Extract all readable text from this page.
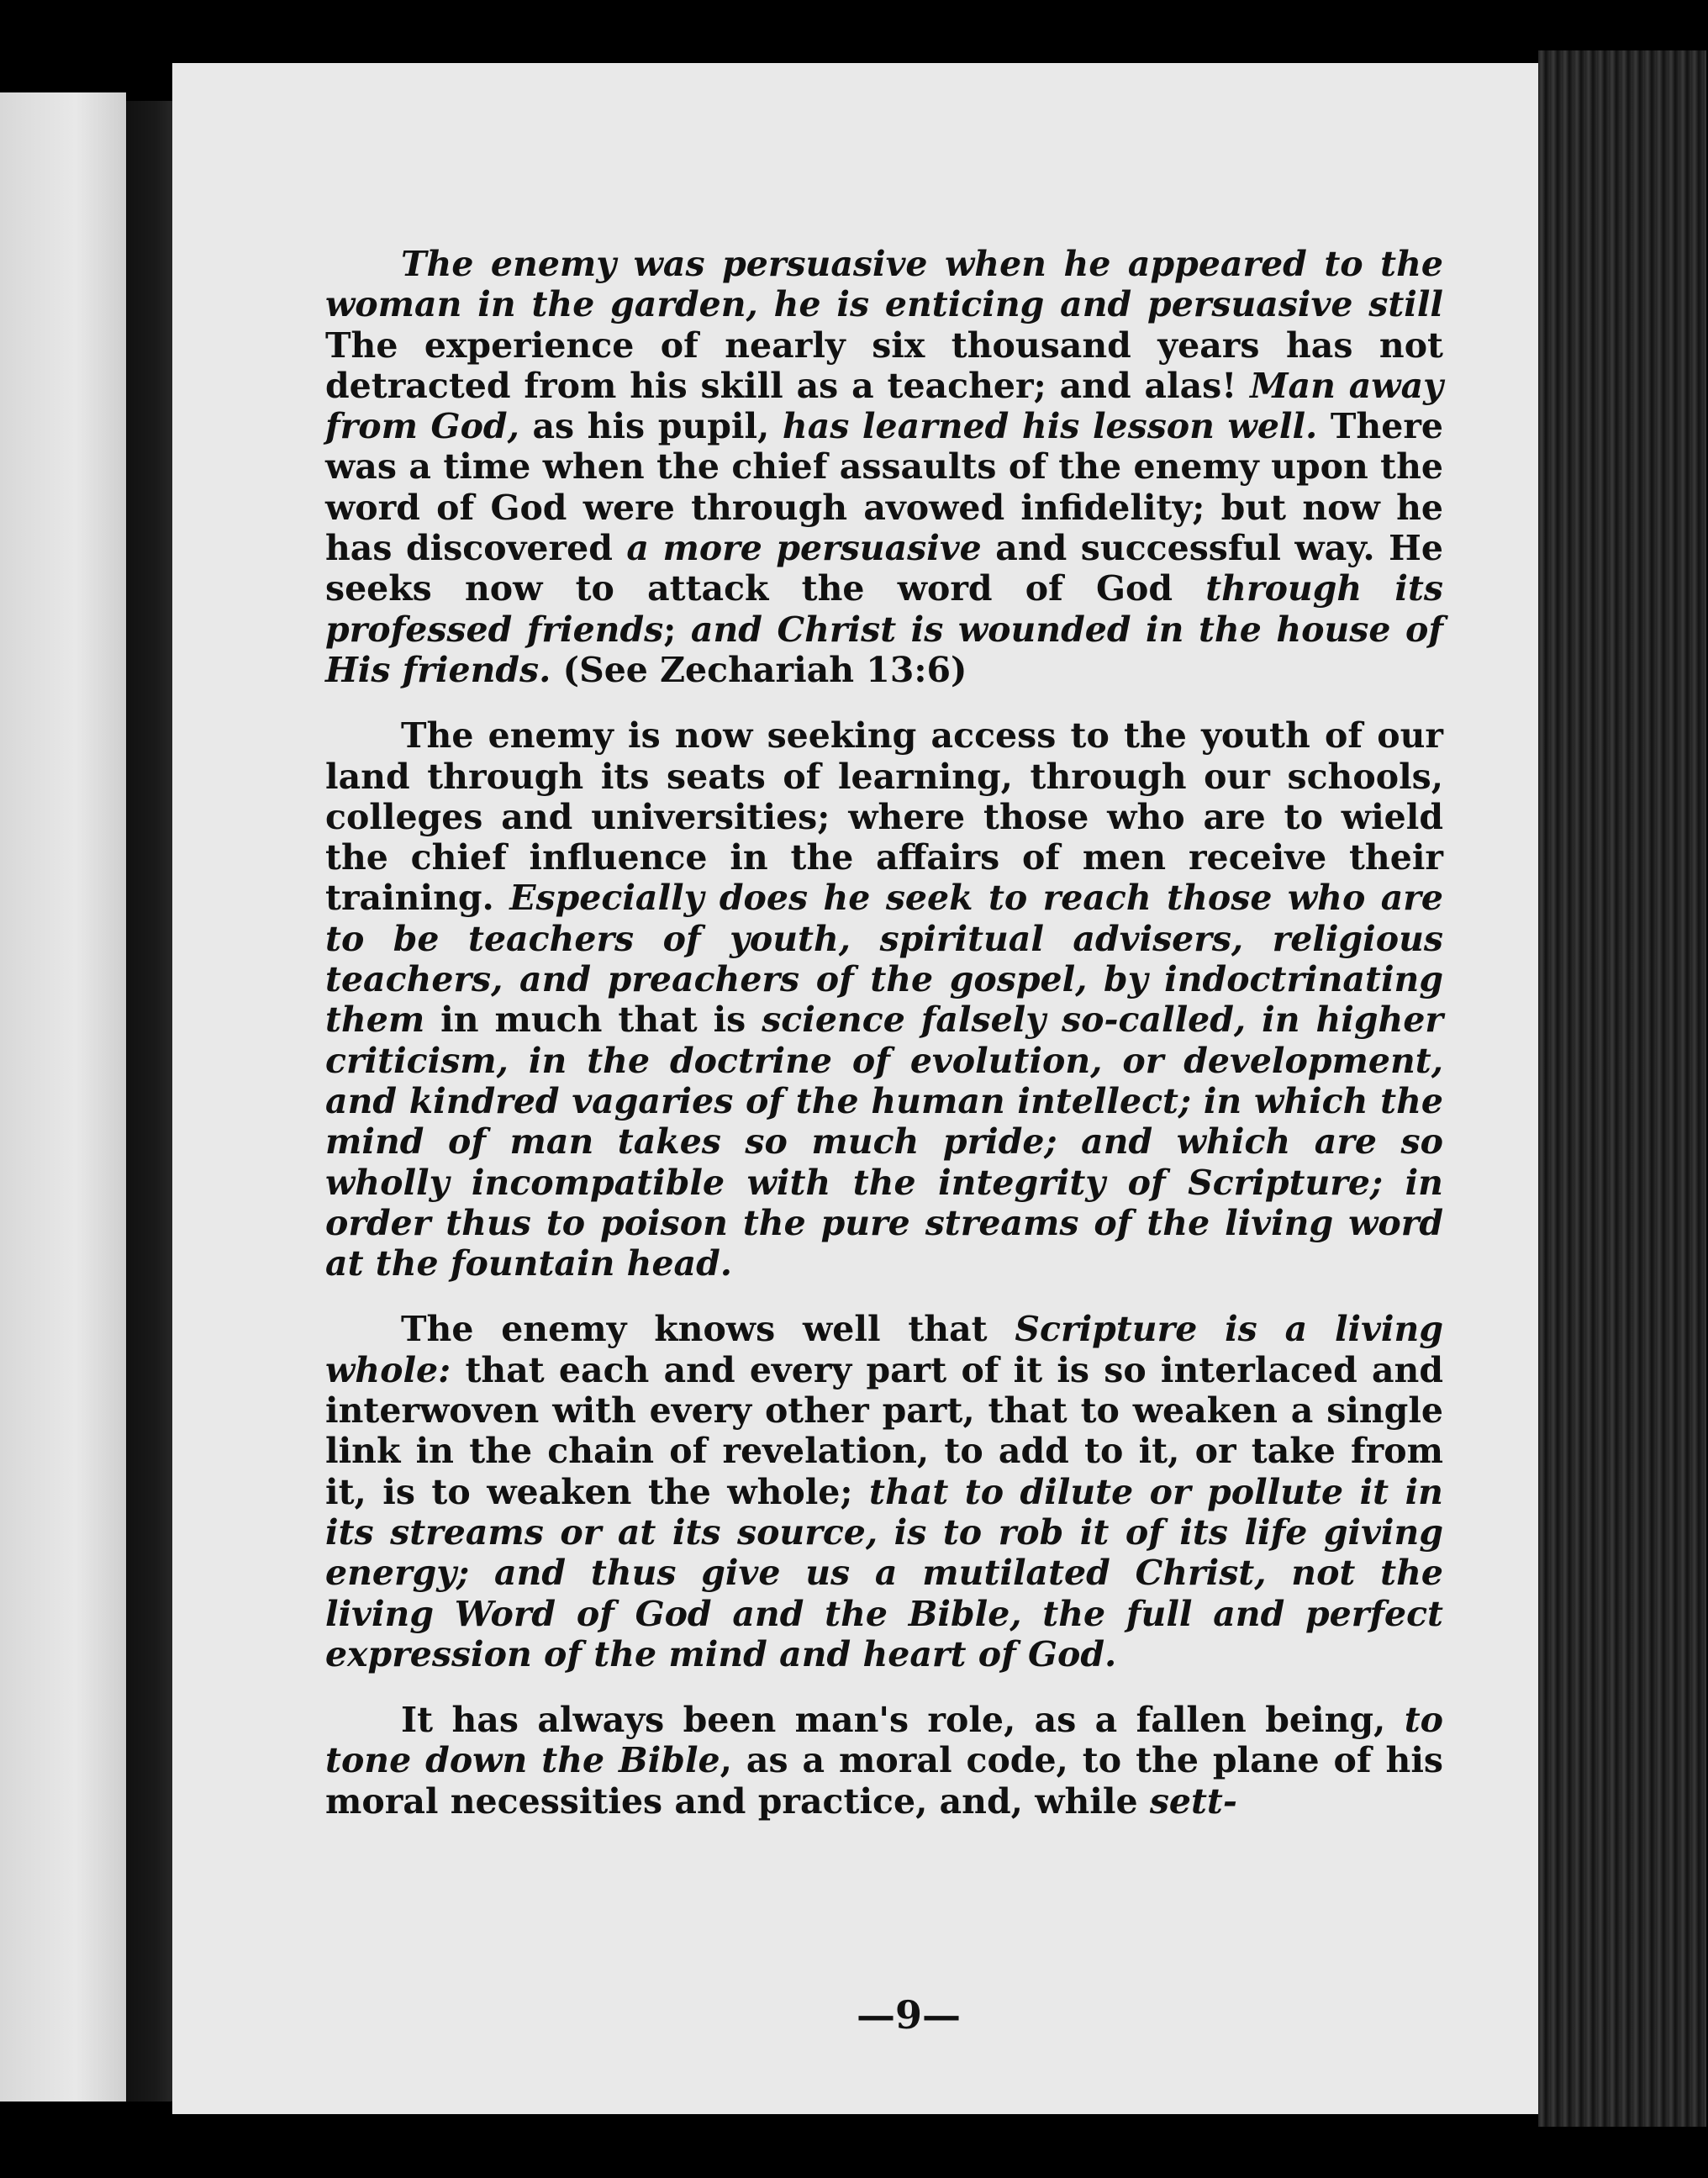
The enemy was persuasive when he appeared to the woman in the garden, he is enticing and persuasive still The experience of nearly six thousand years has not detracted from his skill as a teacher; and alas! Man away from God, as his pupil, has learned his lesson well. There was a time when the chief assaults of the enemy upon the word of God were through avowed infidelity; but now he has discovered a more persuasive and successful way. He seeks now to attack the word of God through its professed friends; and Christ is wounded in the house of His friends. (See Zechariah 13:6)

The enemy is now seeking access to the youth of our land through its seats of learning, through our schools, colleges and universities; where those who are to wield the chief influence in the affairs of men receive their training. Especially does he seek to reach those who are to be teachers of youth, spiritual advisers, religious teachers, and preachers of the gospel, by indoctrinating them in much that is science falsely so-called, in higher criticism, in the doctrine of evolution, or development, and kindred vagaries of the human intellect; in which the mind of man takes so much pride; and which are so wholly incompatible with the integrity of Scripture; in order thus to poison the pure streams of the living word at the fountain head.

The enemy knows well that Scripture is a living whole: that each and every part of it is so interlaced and interwoven with every other part, that to weaken a single link in the chain of revelation, to add to it, or take from it, is to weaken the whole; that to dilute or pollute it in its streams or at its source, is to rob it of its life giving energy; and thus give us a mutilated Christ, not the living Word of God and the Bible, the full and perfect expression of the mind and heart of God.

It has always been man's role, as a fallen being, to tone down the Bible, as a moral code, to the plane of his moral necessities and practice, and, while sett-

—9—
